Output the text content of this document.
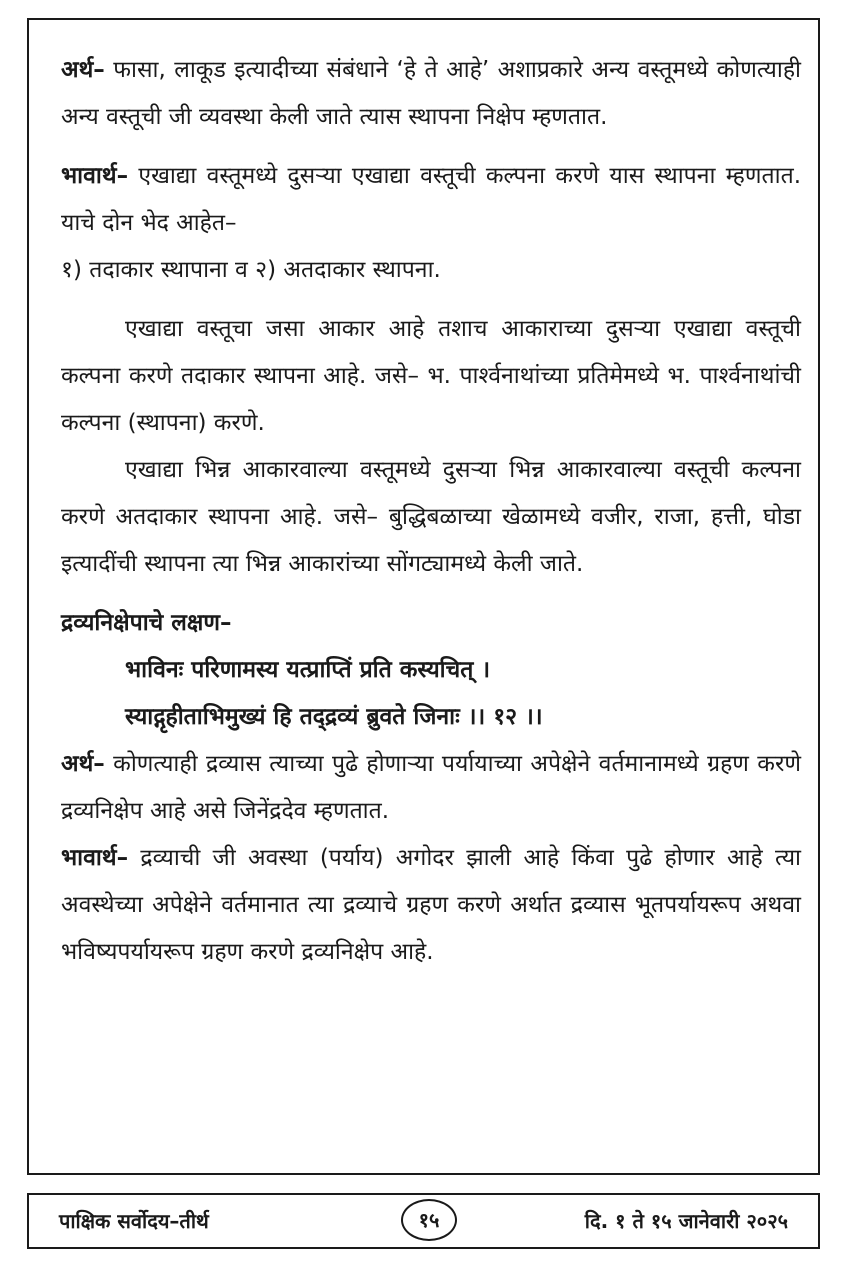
अर्थ– फासा, लाकूड इत्यादीच्या संबंधाने ‘हे ते आहे’ अशाप्रकारे अन्य वस्तूमध्ये कोणत्याही अन्य वस्तूची जी व्यवस्था केली जाते त्यास स्थापना निक्षेप म्हणतात.

भावार्थ– एखाद्या वस्तूमध्ये दुसऱ्या एखाद्या वस्तूची कल्पना करणे यास स्थापना म्हणतात. याचे दोन भेद आहेत–

१) तदाकार स्थापाना व २) अतदाकार स्थापना.

एखाद्या वस्तूचा जसा आकार आहे तशाच आकाराच्या दुसऱ्या एखाद्या वस्तूची कल्पना करणे तदाकार स्थापना आहे. जसे– भ. पार्श्वनाथांच्या प्रतिमेमध्ये भ. पार्श्वनाथांची कल्पना (स्थापना) करणे.

एखाद्या भिन्न आकारवाल्या वस्तूमध्ये दुसऱ्या भिन्न आकारवाल्या वस्तूची कल्पना करणे अतदाकार स्थापना आहे. जसे– बुद्धिबळाच्या खेळामध्ये वजीर, राजा, हत्ती, घोडा इत्यादींची स्थापना त्या भिन्न आकारांच्या सोंगट्यामध्ये केली जाते.

द्रव्यनिक्षेपाचे लक्षण–

भाविनः परिणामस्य यत्प्राप्तिं प्रति कस्यचित् ।

स्याद्गृहीताभिमुख्यं हि तद्द्रव्यं ब्रुवते जिनाः ।। १२ ।।

अर्थ– कोणत्याही द्रव्यास त्याच्या पुढे होणाऱ्या पर्यायाच्या अपेक्षेने वर्तमानामध्ये ग्रहण करणे द्रव्यनिक्षेप आहे असे जिनेंद्रदेव म्हणतात.

भावार्थ– द्रव्याची जी अवस्था (पर्याय) अगोदर झाली आहे किंवा पुढे होणार आहे त्या अवस्थेच्या अपेक्षेने वर्तमानात त्या द्रव्याचे ग्रहण करणे अर्थात द्रव्यास भूतपर्यायरूप अथवा भविष्यपर्यायरूप ग्रहण करणे द्रव्यनिक्षेप आहे.

पाक्षिक सर्वोदय–तीर्थ	१५	दि. १ ते १५ जानेवारी २०२५
